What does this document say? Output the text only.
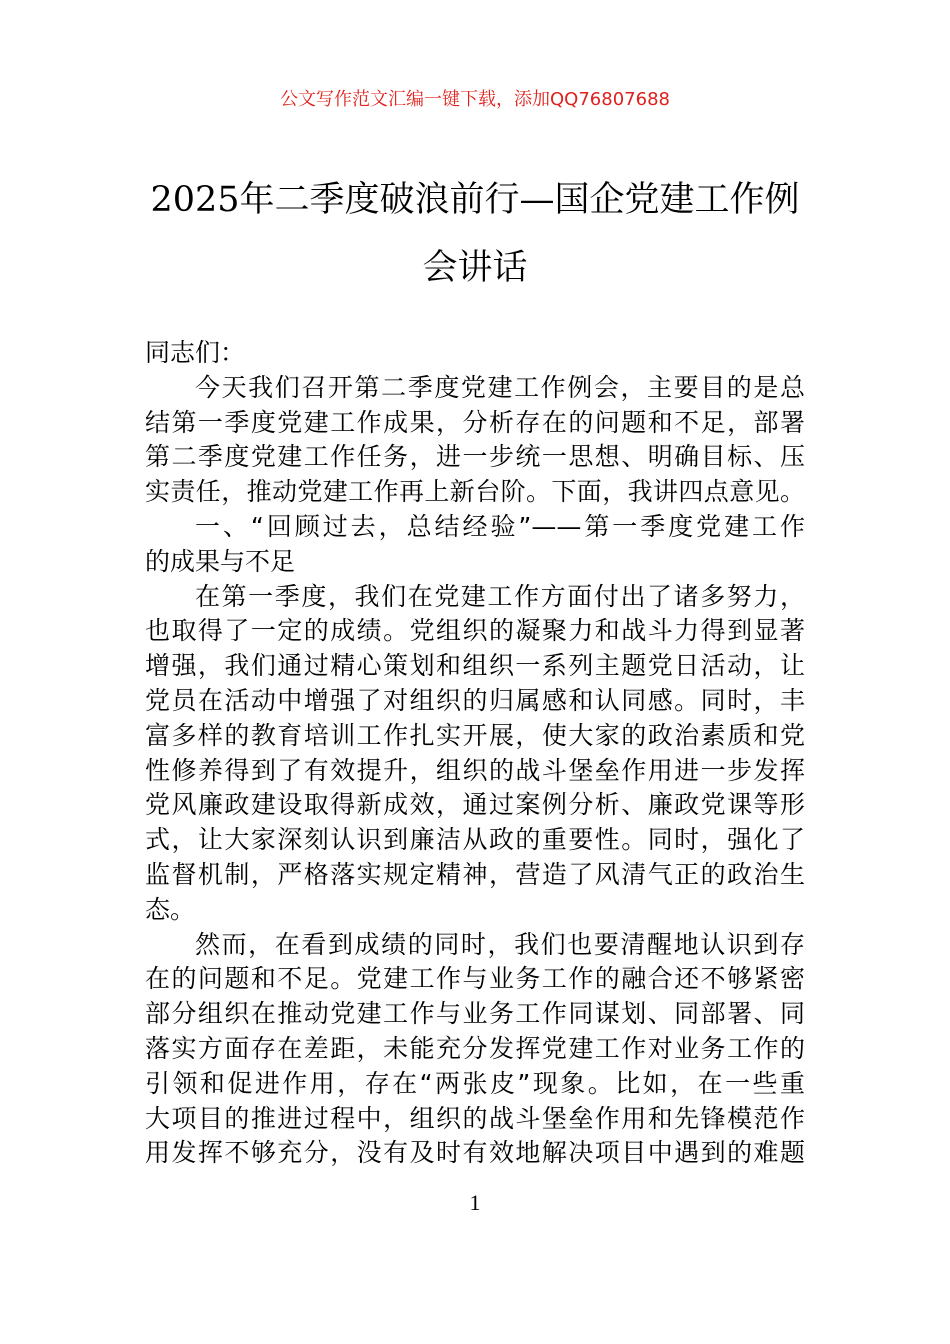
公文写作范文汇编一键下载，添加QQ76807688
2025年二季度破浪前行—国企党建工作例
会讲话
同志们：
今天我们召开第二季度党建工作例会，主要目的是总
结第一季度党建工作成果，分析存在的问题和不足，部署
第二季度党建工作任务，进一步统一思想、明确目标、压
实责任，推动党建工作再上新台阶。下面，我讲四点意见。
一、“回顾过去，总结经验”——第一季度党建工作
的成果与不足
在第一季度，我们在党建工作方面付出了诸多努力，
也取得了一定的成绩。党组织的凝聚力和战斗力得到显著
增强，我们通过精心策划和组织一系列主题党日活动，让
党员在活动中增强了对组织的归属感和认同感。同时，丰
富多样的教育培训工作扎实开展，使大家的政治素质和党
性修养得到了有效提升，组织的战斗堡垒作用进一步发挥
党风廉政建设取得新成效，通过案例分析、廉政党课等形
式，让大家深刻认识到廉洁从政的重要性。同时，强化了
监督机制，严格落实规定精神，营造了风清气正的政治生
态。
然而，在看到成绩的同时，我们也要清醒地认识到存
在的问题和不足。党建工作与业务工作的融合还不够紧密
部分组织在推动党建工作与业务工作同谋划、同部署、同
落实方面存在差距，未能充分发挥党建工作对业务工作的
引领和促进作用，存在“两张皮”现象。比如，在一些重
大项目的推进过程中，组织的战斗堡垒作用和先锋模范作
用发挥不够充分，没有及时有效地解决项目中遇到的难题
1
